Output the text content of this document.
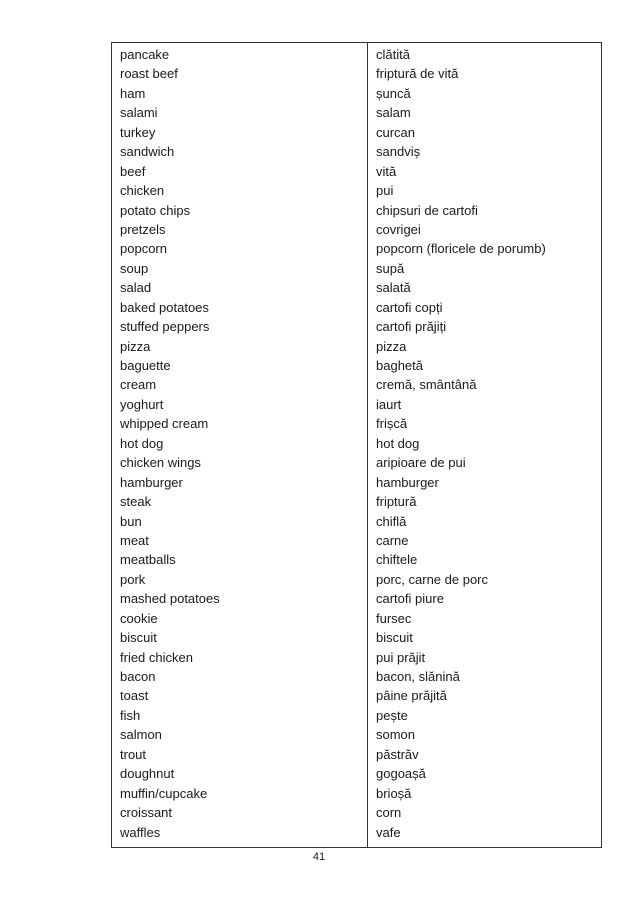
pancake
roast beef
ham
salami
turkey
sandwich
beef
chicken
potato chips
pretzels
popcorn
soup
salad
baked potatoes
stuffed peppers
pizza
baguette
cream
yoghurt
whipped cream
hot dog
chicken wings
hamburger
steak
bun
meat
meatballs
pork
mashed potatoes
cookie
biscuit
fried chicken
bacon
toast
fish
salmon
trout
doughnut
muffin/cupcake
croissant
waffles
clătită
friptură de vită
șuncă
salam
curcan
sandviș
vită
pui
chipsuri de cartofi
covrigei
popcorn (floricele de porumb)
supă
salată
cartofi copți
cartofi prăjiți
pizza
baghetă
cremă, smântână
iaurt
frișcă
hot dog
aripioare de pui
hamburger
friptură
chiflă
carne
chiftele
porc, carne de porc
cartofi piure
fursec
biscuit
pui prăjit
bacon, slănină
pâine prăjită
pește
somon
păstrăv
gogoașă
brioșă
corn
vafe
41
